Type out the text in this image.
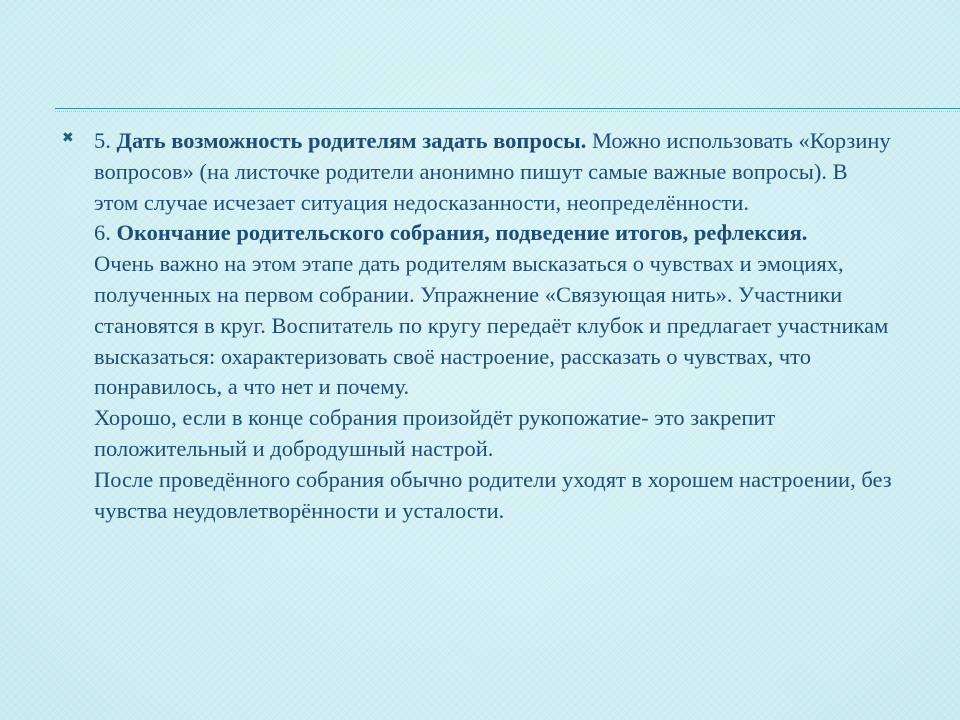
✖ 5. Дать возможность родителям задать вопросы. Можно использовать «Корзину вопросов» (на листочке родители анонимно пишут самые важные вопросы). В этом случае исчезает ситуация недосказанности, неопределённости.

6. Окончание родительского собрания, подведение итогов, рефлексия.

Очень важно на этом этапе дать родителям высказаться о чувствах и эмоциях, полученных на первом собрании. Упражнение «Связующая нить». Участники становятся в круг. Воспитатель по кругу передаёт клубок и предлагает участникам высказаться: охарактеризовать своё настроение, рассказать о чувствах, что понравилось, а что нет и почему.

Хорошо, если в конце собрания произойдёт рукопожатие- это закрепит положительный и добродушный настрой.

После проведённого собрания обычно родители уходят в хорошем настроении, без чувства неудовлетворённости и усталости.
